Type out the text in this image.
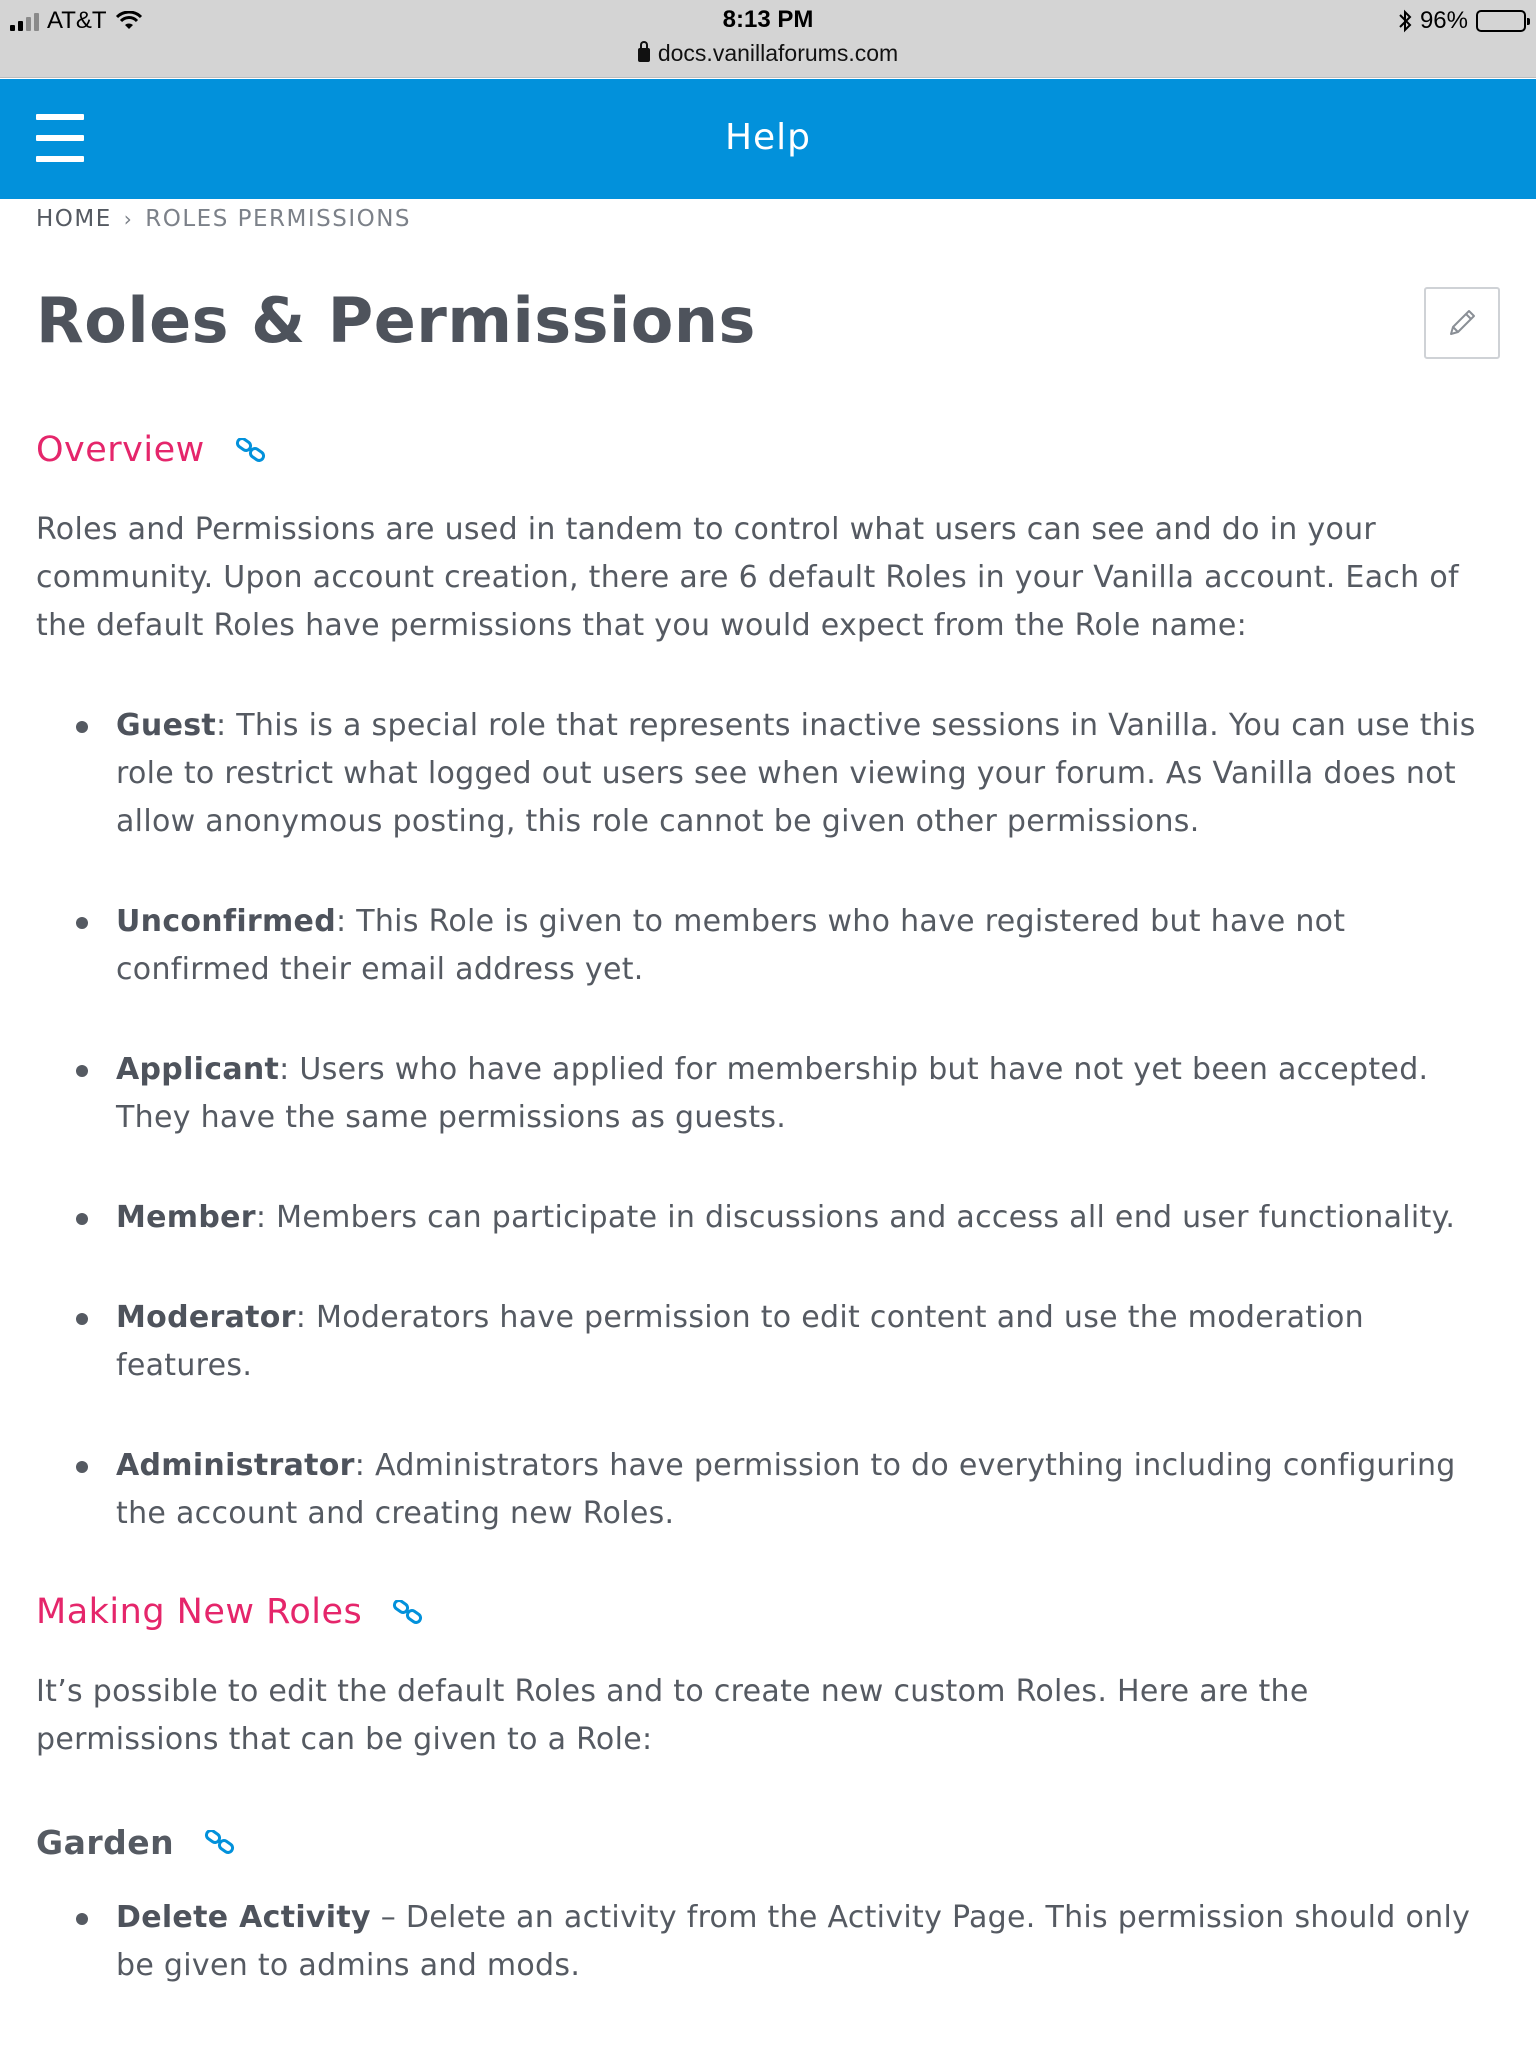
AT&T	8:13 PM
docs.vanillaforums.com
96%
Help
HOME › ROLES PERMISSIONS
Roles & Permissions
Overview

Roles and Permissions are used in tandem to control what users can see and do in your community. Upon account creation, there are 6 default Roles in your Vanilla account. Each of the default Roles have permissions that you would expect from the Role name:

Guest: This is a special role that represents inactive sessions in Vanilla. You can use this role to restrict what logged out users see when viewing your forum. As Vanilla does not allow anonymous posting, this role cannot be given other permissions.
Unconfirmed: This Role is given to members who have registered but have not confirmed their email address yet.
Applicant: Users who have applied for membership but have not yet been accepted. They have the same permissions as guests.
Member: Members can participate in discussions and access all end user functionality.
Moderator: Moderators have permission to edit content and use the moderation features.
Administrator: Administrators have permission to do everything including configuring the account and creating new Roles.
Making New Roles

It’s possible to edit the default Roles and to create new custom Roles. Here are the permissions that can be given to a Role:

Garden
Delete Activity – Delete an activity from the Activity Page. This permission should only be given to admins and mods.
